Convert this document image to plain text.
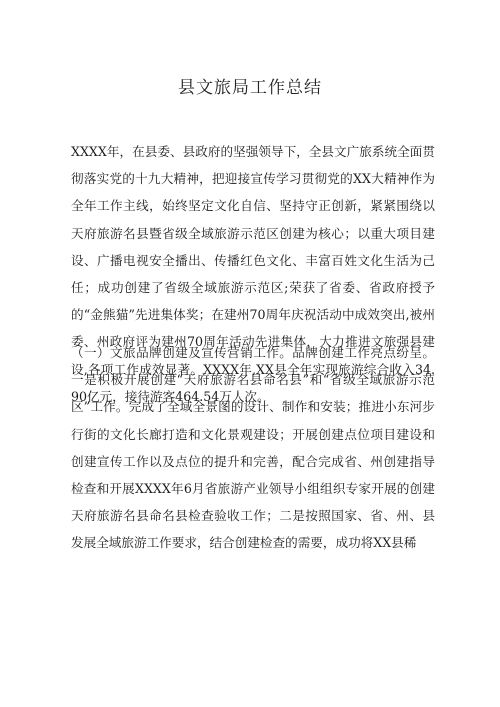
县文旅局工作总结

XXXX年，在县委、县政府的坚强领导下，全县文广旅系统全面贯彻落实党的十九大精神，把迎接宣传学习贯彻党的XX大精神作为全年工作主线，始终坚定文化自信、坚持守正创新，紧紧围绕以天府旅游名县暨省级全域旅游示范区创建为核心；以重大项目建设、广播电视安全播出、传播红色文化、丰富百姓文化生活为己任；成功创建了省级全域旅游示范区;荣获了省委、省政府授予的“金熊猫”先进集体奖；在建州70周年庆祝活动中成效突出,被州委、州政府评为建州70周年活动先进集体，大力推进文旅强县建设,各项工作成效显著。XXXX年,XX县全年实现旅游综合收入34.90亿元，接待游客464.54万人次。

（一）文旅品牌创建及宣传营销工作。品牌创建工作亮点纷呈。一是积极开展创建“天府旅游名县命名县”和“省级全域旅游示范区”工作。完成了全域全景图的设计、制作和安装；推进小东河步行街的文化长廊打造和文化景观建设；开展创建点位项目建设和创建宣传工作以及点位的提升和完善，配合完成省、州创建指导检查和开展XXXX年6月省旅游产业领导小组组织专家开展的创建天府旅游名县命名县检查验收工作；二是按照国家、省、州、县发展全域旅游工作要求，结合创建检查的需要，成功将XX县稀
